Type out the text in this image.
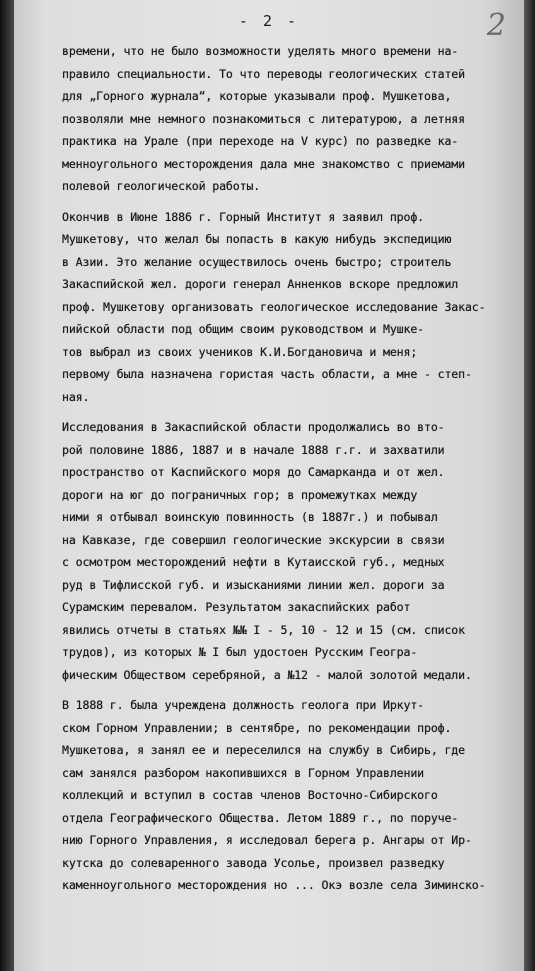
- 2 -	2
времени, что не было возможности уделять много времени на-
правило специальности. То что переводы геологических статей
для „Горного журнала“, которые указывали проф. Мушкетова,
позволяли мне немного познакомиться с литературою, а летняя
практика на Урале (при переходе на V курс) по разведке ка-
менноугольного месторождения дала мне знакомство с приемами
полевой геологической работы.
Окончив в Июне 1886 г. Горный Институт я заявил проф.
Мушкетову, что желал бы попасть в какую нибудь экспедицию
в Азии. Это желание осуществилось очень быстро; строитель
Закаспийской жел. дороги генерал Анненков вскоре предложил
проф. Мушкетову организовать геологическое исследование Закас-
пийской области под общим своим руководством и Мушке-
тов выбрал из своих учеников К.И.Богдановича и меня;
первому была назначена гористая часть области, а мне - степ-
ная.
Исследования в Закаспийской области продолжались во вто-
рой половине 1886, 1887 и в начале 1888 г.г. и захватили
пространство от Каспийского моря до Самарканда и от жел.
дороги на юг до пограничных гор; в промежутках между
ними я отбывал воинскую повинность (в 1887г.) и побывал
на Кавказе, где совершил геологические экскурсии в связи
с осмотром месторождений нефти в Кутаисской губ., медных
руд в Тифлисской губ. и изысканиями линии жел. дороги за
Сурамским перевалом. Результатом закаспийских работ
явились отчеты в статьях №№ I - 5, 10 - 12 и 15 (см. список
трудов), из которых № I был удостоен Русским Геогра-
фическим Обществом серебряной, а №12 - малой золотой медали.
В 1888 г. была учреждена должность геолога при Иркут-
ском Горном Управлении; в сентябре, по рекомендации проф.
Мушкетова, я занял ее и переселился на службу в Сибирь, где
сам занялся разбором накопившихся в Горном Управлении
коллекций и вступил в состав членов Восточно-Сибирского
отдела Географического Общества. Летом 1889 г., по поруче-
нию Горного Управления, я исследовал берега р. Ангары от Ир-
кутска до солеваренного завода Усолье, произвел разведку
каменноугольного месторождения но ... Окэ возле села Зиминско-
